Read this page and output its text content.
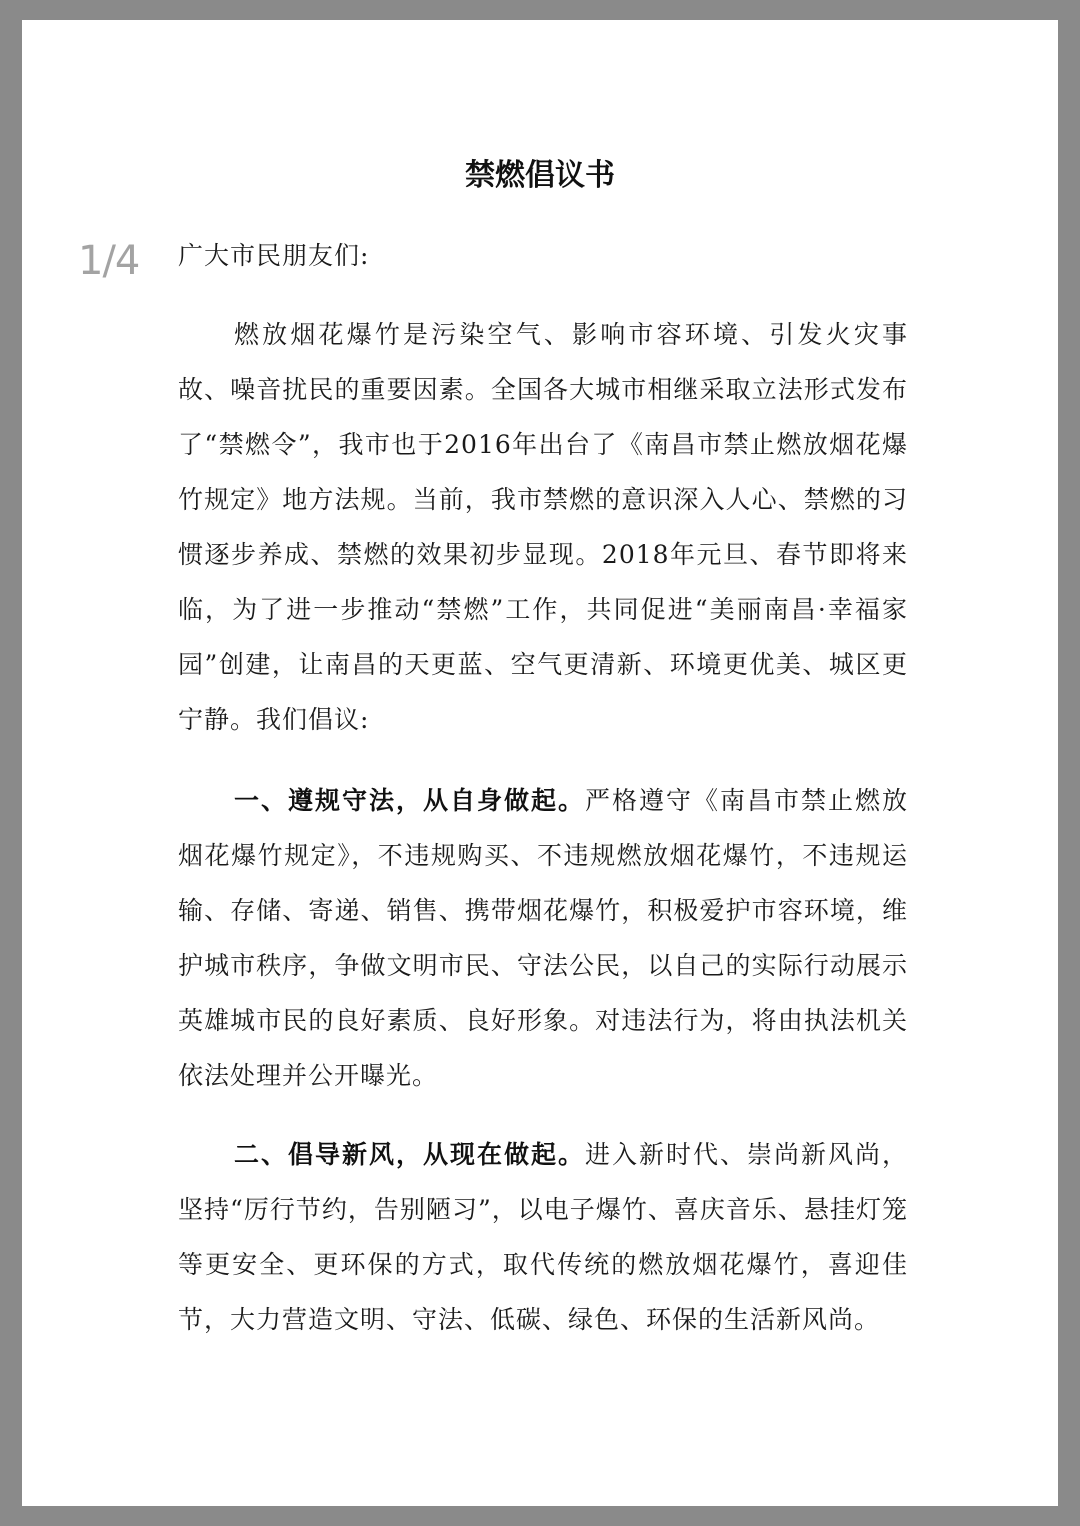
1/4
禁燃倡议书
广大市民朋友们:
燃放烟花爆竹是污染空气、影响市容环境、引发火灾事故、噪音扰民的重要因素。全国各大城市相继采取立法形式发布了“禁燃令”，我市也于2016年出台了《南昌市禁止燃放烟花爆竹规定》地方法规。当前，我市禁燃的意识深入人心、禁燃的习惯逐步养成、禁燃的效果初步显现。2018年元旦、春节即将来临，为了进一步推动“禁燃”工作，共同促进“美丽南昌·幸福家园”创建，让南昌的天更蓝、空气更清新、环境更优美、城区更宁静。我们倡议:
一、遵规守法，从自身做起。严格遵守《南昌市禁止燃放烟花爆竹规定》，不违规购买、不违规燃放烟花爆竹，不违规运输、存储、寄递、销售、携带烟花爆竹，积极爱护市容环境，维护城市秩序，争做文明市民、守法公民，以自己的实际行动展示英雄城市民的良好素质、良好形象。对违法行为，将由执法机关依法处理并公开曝光。
二、倡导新风，从现在做起。进入新时代、崇尚新风尚，坚持“厉行节约，告别陋习”，以电子爆竹、喜庆音乐、悬挂灯笼等更安全、更环保的方式，取代传统的燃放烟花爆竹，喜迎佳节，大力营造文明、守法、低碳、绿色、环保的生活新风尚。
